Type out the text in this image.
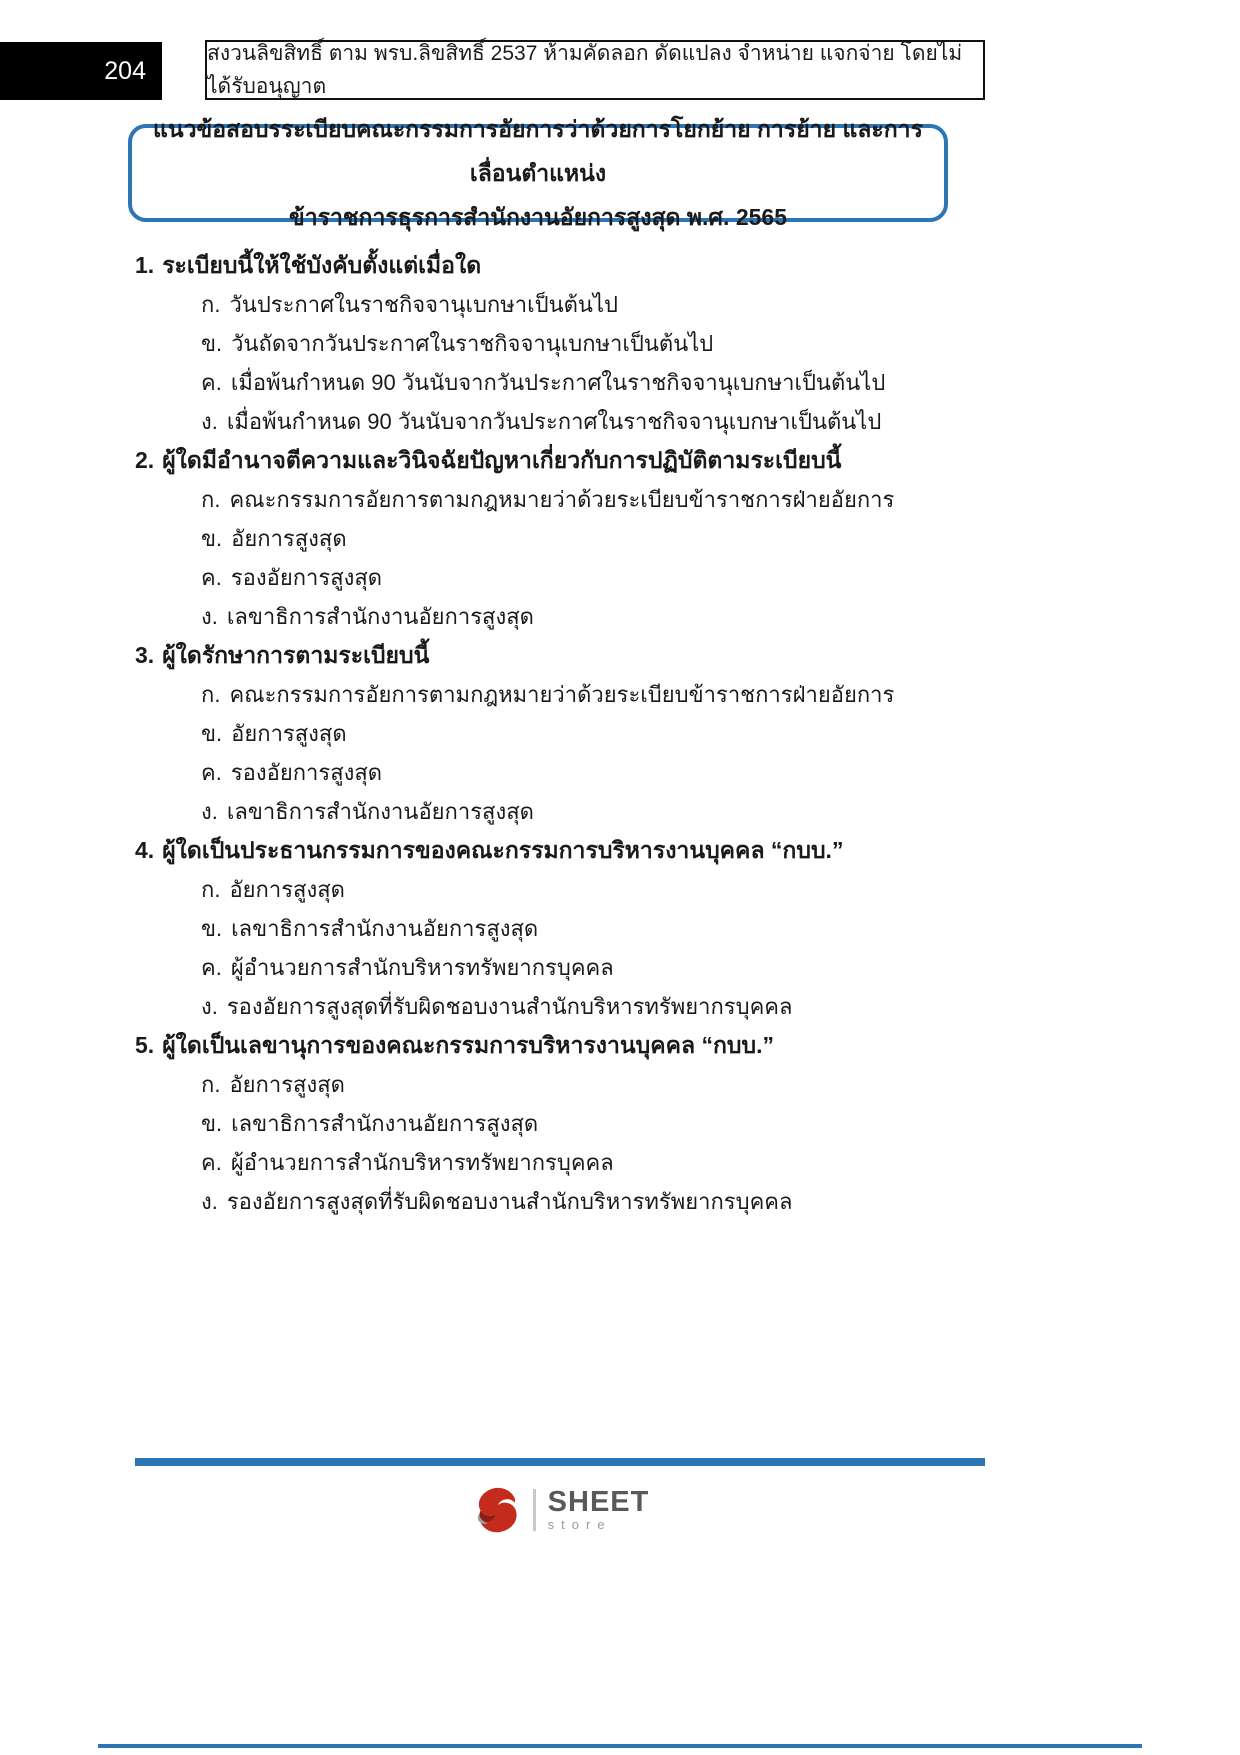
204
สงวนลิขสิทธิ์ ตาม พรบ.ลิขสิทธิ์ 2537 ห้ามคัดลอก ดัดแปลง จำหน่าย แจกจ่าย โดยไม่ได้รับอนุญาต
แนวข้อสอบรระเบียบคณะกรรมการอัยการว่าด้วยการโยกย้าย การย้าย และการเลื่อนตำแหน่ง
ข้าราชการธุรการสำนักงานอัยการสูงสุด พ.ศ. 2565
1. ระเบียบนี้ให้ใช้บังคับตั้งแต่เมื่อใด
ก. วันประกาศในราชกิจจานุเบกษาเป็นต้นไป
ข. วันถัดจากวันประกาศในราชกิจจานุเบกษาเป็นต้นไป
ค. เมื่อพ้นกำหนด 90 วันนับจากวันประกาศในราชกิจจานุเบกษาเป็นต้นไป
ง. เมื่อพ้นกำหนด 90 วันนับจากวันประกาศในราชกิจจานุเบกษาเป็นต้นไป
2. ผู้ใดมีอำนาจตีความและวินิจฉัยปัญหาเกี่ยวกับการปฏิบัติตามระเบียบนี้
ก. คณะกรรมการอัยการตามกฎหมายว่าด้วยระเบียบข้าราชการฝ่ายอัยการ
ข. อัยการสูงสุด
ค. รองอัยการสูงสุด
ง. เลขาธิการสำนักงานอัยการสูงสุด
3. ผู้ใดรักษาการตามระเบียบนี้
ก. คณะกรรมการอัยการตามกฎหมายว่าด้วยระเบียบข้าราชการฝ่ายอัยการ
ข. อัยการสูงสุด
ค. รองอัยการสูงสุด
ง. เลขาธิการสำนักงานอัยการสูงสุด
4. ผู้ใดเป็นประธานกรรมการของคณะกรรมการบริหารงานบุคคล “กบบ.”
ก. อัยการสูงสุด
ข. เลขาธิการสำนักงานอัยการสูงสุด
ค. ผู้อำนวยการสำนักบริหารทรัพยากรบุคคล
ง. รองอัยการสูงสุดที่รับผิดชอบงานสำนักบริหารทรัพยากรบุคคล
5. ผู้ใดเป็นเลขานุการของคณะกรรมการบริหารงานบุคคล “กบบ.”
ก. อัยการสูงสุด
ข. เลขาธิการสำนักงานอัยการสูงสุด
ค. ผู้อำนวยการสำนักบริหารทรัพยากรบุคคล
ง. รองอัยการสูงสุดที่รับผิดชอบงานสำนักบริหารทรัพยากรบุคคล
SHEET
store
